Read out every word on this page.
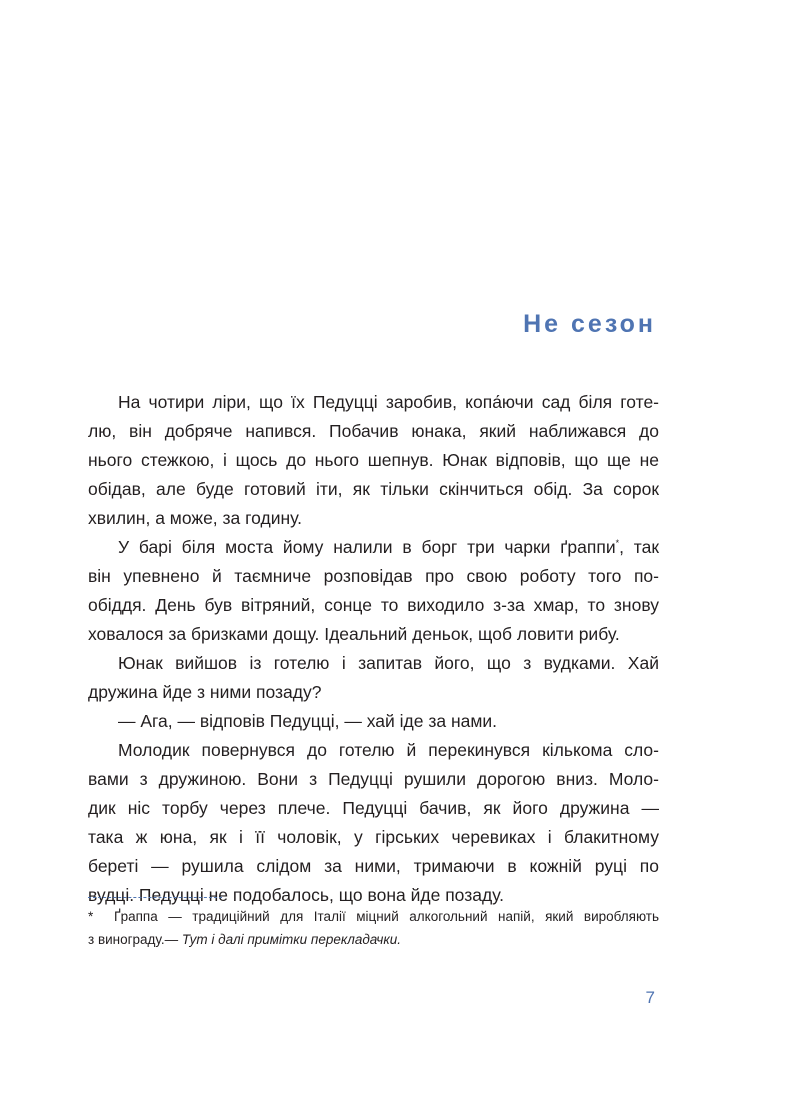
Не сезон
На чотири ліри, що їх Педуцці заробив, копа́ючи сад біля готе-
лю, він добряче напився. Побачив юнака, який наближався до
нього стежкою, і щось до нього шепнув. Юнак відповів, що ще не
обідав, але буде готовий іти, як тільки скінчиться обід. За сорок
хвилин, а може, за годину.
У барі біля моста йому налили в борг три чарки ґраппи*, так
він упевнено й таємниче розповідав про свою роботу того по-
обіддя. День був вітряний, сонце то виходило з-за хмар, то знову
ховалося за бризками дощу. Ідеальний деньок, щоб ловити рибу.
Юнак вийшов із готелю і запитав його, що з вудками. Хай
дружина йде з ними позаду?
— Ага, — відповів Педуцці, — хай іде за нами.
Молодик повернувся до готелю й перекинувся кількома сло-
вами з дружиною. Вони з Педуцці рушили дорогою вниз. Моло-
дик ніс торбу через плече. Педуцці бачив, як його дружина —
така ж юна, як і її чоловік, у гірських черевиках і блакитному
береті — рушила слідом за ними, тримаючи в кожній руці по
вудці. Педуцці не подобалось, що вона йде позаду.
* Ґраппа — традиційний для Італії міцний алкогольний напій, який виробляють
з винограду.— Тут і далі примітки перекладачки.
7
